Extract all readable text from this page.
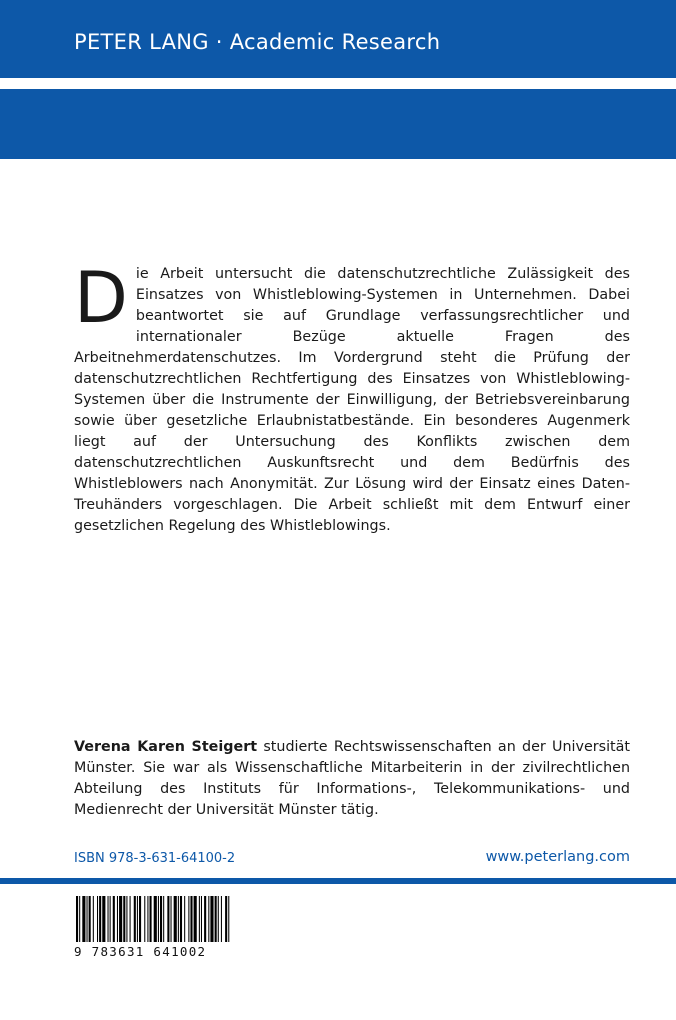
PETER LANG · Academic Research
II / 5444
Die Arbeit untersucht die datenschutzrechtliche Zulässigkeit des Einsatzes von Whistleblowing-Systemen in Unternehmen. Dabei beantwortet sie auf Grundlage verfassungsrechtlicher und internationaler Bezüge aktuelle Fragen des Arbeitnehmerdatenschutzes. Im Vordergrund steht die Prüfung der datenschutzrechtlichen Rechtfertigung des Einsatzes von Whistleblowing-Systemen über die Instrumente der Einwilligung, der Betriebsvereinbarung sowie über gesetzliche Erlaubnistatbestände. Ein besonderes Augenmerk liegt auf der Untersuchung des Konflikts zwischen dem datenschutzrechtlichen Auskunftsrecht und dem Bedürfnis des Whistleblowers nach Anonymität. Zur Lösung wird der Einsatz eines Daten-Treuhänders vorgeschlagen. Die Arbeit schließt mit dem Entwurf einer gesetzlichen Regelung des Whistleblowings.
Verena Karen Steigert studierte Rechtswissenschaften an der Universität Münster. Sie war als Wissenschaftliche Mitarbeiterin in der zivilrechtlichen Abteilung des Instituts für Informations-, Telekommunikations- und Medienrecht der Universität Münster tätig.
ISBN 978-3-631-64100-2	www.peterlang.com
9 783631 641002
